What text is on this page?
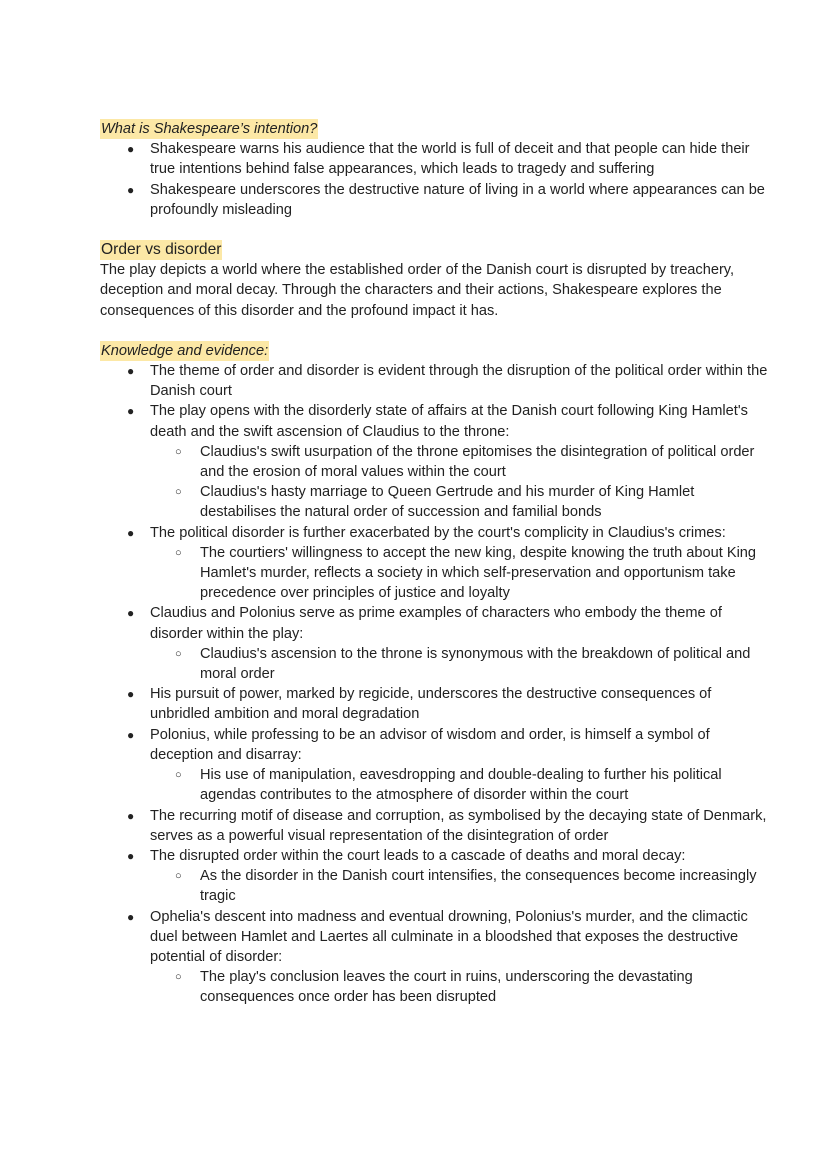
What is Shakespeare’s intention?
● Shakespeare warns his audience that the world is full of deceit and that people can hide their true intentions behind false appearances, which leads to tragedy and suffering
● Shakespeare underscores the destructive nature of living in a world where appearances can be profoundly misleading
Order vs disorder

The play depicts a world where the established order of the Danish court is disrupted by treachery, deception and moral decay. Through the characters and their actions, Shakespeare explores the consequences of this disorder and the profound impact it has.

Knowledge and evidence:
● The theme of order and disorder is evident through the disruption of the political order within the Danish court
● The play opens with the disorderly state of affairs at the Danish court following King Hamlet's death and the swift ascension of Claudius to the throne:
○ Claudius's swift usurpation of the throne epitomises the disintegration of political order and the erosion of moral values within the court
○ Claudius's hasty marriage to Queen Gertrude and his murder of King Hamlet destabilises the natural order of succession and familial bonds
● The political disorder is further exacerbated by the court's complicity in Claudius's crimes:
○ The courtiers' willingness to accept the new king, despite knowing the truth about King Hamlet's murder, reflects a society in which self-preservation and opportunism take precedence over principles of justice and loyalty
● Claudius and Polonius serve as prime examples of characters who embody the theme of disorder within the play:
○ Claudius's ascension to the throne is synonymous with the breakdown of political and moral order
● His pursuit of power, marked by regicide, underscores the destructive consequences of unbridled ambition and moral degradation
● Polonius, while professing to be an advisor of wisdom and order, is himself a symbol of deception and disarray:
○ His use of manipulation, eavesdropping and double-dealing to further his political agendas contributes to the atmosphere of disorder within the court
● The recurring motif of disease and corruption, as symbolised by the decaying state of Denmark, serves as a powerful visual representation of the disintegration of order
● The disrupted order within the court leads to a cascade of deaths and moral decay:
○ As the disorder in the Danish court intensifies, the consequences become increasingly tragic
● Ophelia's descent into madness and eventual drowning, Polonius's murder, and the climactic duel between Hamlet and Laertes all culminate in a bloodshed that exposes the destructive potential of disorder:
○ The play's conclusion leaves the court in ruins, underscoring the devastating consequences once order has been disrupted
